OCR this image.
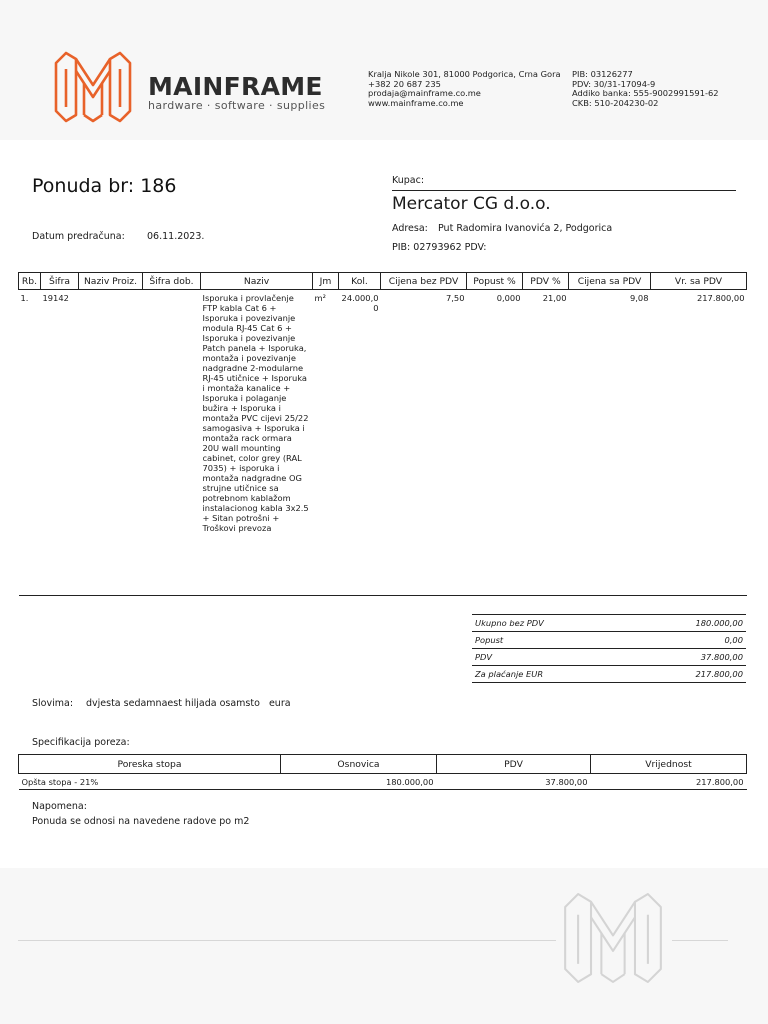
MAINFRAME
hardware · software · supplies
Kralja Nikole 301, 81000 Podgorica, Crna Gora
+382 20 687 235
prodaja@mainframe.co.me
www.mainframe.co.me
PIB: 03126277
PDV: 30/31-17094-9
Addiko banka: 555-9002991591-62
CKB: 510-204230-02
Ponuda br: 186
Datum predračuna: 06.11.2023.
Kupac:
Mercator CG d.o.o.
Adresa: Put Radomira Ivanovića 2, Podgorica
PIB: 02793962 PDV:
Rb.	Šifra	Naziv Proiz.	Šifra dob.	Naziv	Jm	Kol.	Cijena bez PDV	Popust %	PDV %	Cijena sa PDV	Vr. sa PDV
1.	19142			Isporuka i provlačenje FTP kabla Cat 6 + Isporuka i povezivanje modula RJ-45 Cat 6 + Isporuka i povezivanje Patch panela + Isporuka, montaža i povezivanje nadgradne 2-modularne RJ-45 utičnice + Isporuka i montaža kanalice + Isporuka i polaganje bužira + Isporuka i montaža PVC cijevi 25/22 samogasiva + Isporuka i montaža rack ormara 20U wall mounting cabinet, color grey (RAL 7035) + isporuka i montaža nadgradne OG strujne utičnice sa potrebnom kablažom instalacionog kabla 3x2.5 + Sitan potrošni + Troškovi prevoza	m²	24.000,0 0	7,50	0,000	21,00	9,08	217.800,00
Ukupno bez PDV	180.000,00
Popust	0,00
PDV	37.800,00
Za plaćanje EUR	217.800,00
Slovima: dvjesta sedamnaest hiljada osamsto   eura
Specifikacija poreza:
Poreska stopa	Osnovica	PDV	Vrijednost
Opšta stopa - 21%	180.000,00	37.800,00	217.800,00
Napomena:
Ponuda se odnosi na navedene radove po m2
